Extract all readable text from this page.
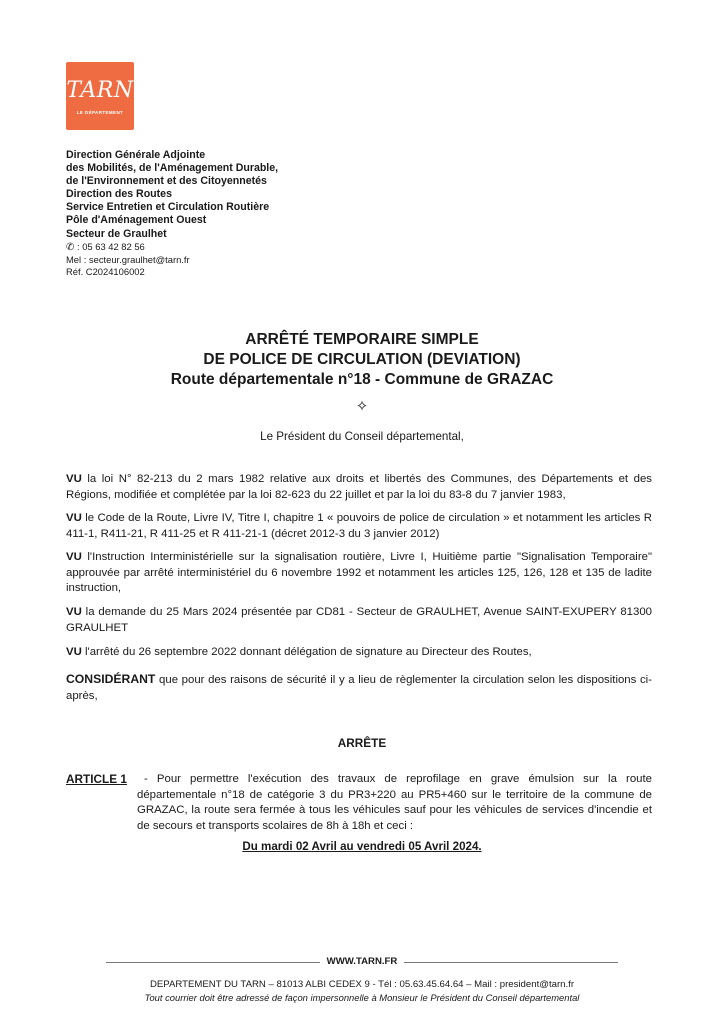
TARN
LE DÉPARTEMENT
Direction Générale Adjointe
des Mobilités, de l'Aménagement Durable,
de l'Environnement et des Citoyennetés
Direction des Routes
Service Entretien et Circulation Routière
Pôle d'Aménagement Ouest
Secteur de Graulhet
✆ : 05 63 42 82 56
Mel : secteur.graulhet@tarn.fr
Réf. C2024106002
ARRÊTÉ TEMPORAIRE SIMPLE
DE POLICE DE CIRCULATION (DEVIATION)
Route départementale n°18 - Commune de GRAZAC
✧
Le Président du Conseil départemental,
VU la loi N° 82-213 du 2 mars 1982 relative aux droits et libertés des Communes, des Départements et des Régions, modifiée et complétée par la loi 82-623 du 22 juillet et par la loi du 83-8 du 7 janvier 1983,
VU le Code de la Route, Livre IV, Titre I, chapitre 1 « pouvoirs de police de circulation » et notamment les articles R 411-1, R411-21, R 411-25 et R 411-21-1 (décret 2012-3 du 3 janvier 2012)
VU l'Instruction Interministérielle sur la signalisation routière, Livre I, Huitième partie "Signalisation Temporaire" approuvée par arrêté interministériel du 6 novembre 1992 et notamment les articles 125, 126, 128 et 135 de ladite instruction,
VU la demande du 25 Mars 2024 présentée par CD81 - Secteur de GRAULHET, Avenue SAINT-EXUPERY 81300 GRAULHET
VU l'arrêté du 26 septembre 2022 donnant délégation de signature au Directeur des Routes,
CONSIDÉRANT que pour des raisons de sécurité il y a lieu de règlementer la circulation selon les dispositions ci-après,
ARRÊTE
ARTICLE 1	- Pour permettre l'exécution des travaux de reprofilage en grave émulsion sur la route départementale n°18 de catégorie 3 du PR3+220 au PR5+460 sur le territoire de la commune de GRAZAC, la route sera fermée à tous les véhicules sauf pour les véhicules de services d'incendie et de secours et transports scolaires de 8h à 18h et ceci :
Du mardi 02 Avril au vendredi 05 Avril 2024.
WWW.TARN.FR
DEPARTEMENT DU TARN – 81013 ALBI CEDEX 9 - Tél : 05.63.45.64.64 – Mail : president@tarn.fr
Tout courrier doit être adressé de façon impersonnelle à Monsieur le Président du Conseil départemental
